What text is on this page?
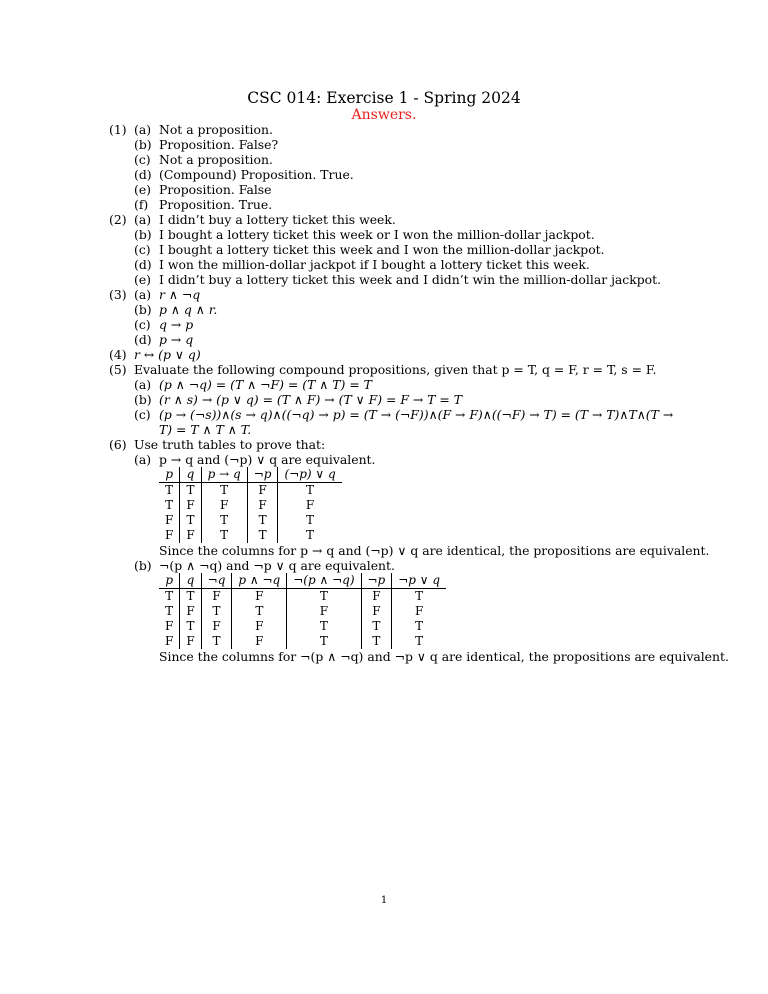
CSC 014: Exercise 1 - Spring 2024
Answers.
(1) (a) Not a proposition.
(b) Proposition. False?
(c) Not a proposition.
(d) (Compound) Proposition. True.
(e) Proposition. False
(f) Proposition. True.
(2) (a) I didn’t buy a lottery ticket this week.
(b) I bought a lottery ticket this week or I won the million-dollar jackpot.
(c) I bought a lottery ticket this week and I won the million-dollar jackpot.
(d) I won the million-dollar jackpot if I bought a lottery ticket this week.
(e) I didn’t buy a lottery ticket this week and I didn’t win the million-dollar jackpot.
(3) (a) r ∧ ¬q
(b) p ∧ q ∧ r.
(c) q → p
(d) p → q
(4) r ↔ (p ∨ q)
(5) Evaluate the following compound propositions, given that p = T, q = F, r = T, s = F.
(a) (p ∧ ¬q) = (T ∧ ¬F) = (T ∧ T) = T
(b) (r ∧ s) → (p ∨ q) = (T ∧ F) → (T ∨ F) = F → T = T
(c) (p → (¬s))∧(s → q)∧((¬q) → p) = (T → (¬F))∧(F → F)∧((¬F) → T) = (T → T)∧T∧(T →
T) = T ∧ T ∧ T.
(6) Use truth tables to prove that:
(a) p → q and (¬p) ∨ q are equivalent.
p	q	p → q	¬p	(¬p) ∨ q
T	T	T	F	T
T	F	F	F	F
F	T	T	T	T
F	F	T	T	T
Since the columns for p → q and (¬p) ∨ q are identical, the propositions are equivalent.
(b) ¬(p ∧ ¬q) and ¬p ∨ q are equivalent.
p	q	¬q	p ∧ ¬q	¬(p ∧ ¬q)	¬p	¬p ∨ q
T	T	F	F	T	F	T
T	F	T	T	F	F	F
F	T	F	F	T	T	T
F	F	T	F	T	T	T
Since the columns for ¬(p ∧ ¬q) and ¬p ∨ q are identical, the propositions are equivalent.
1
